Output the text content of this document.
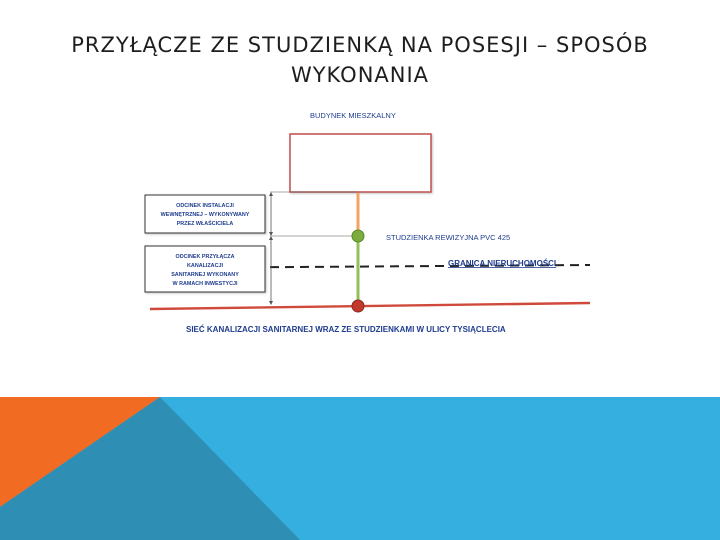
PRZYŁĄCZE ZE STUDZIENKĄ NA POSESJI – SPOSÓB
WYKONANIA
BUDYNEK MIESZKALNY
GRANICA NIERUCHOMOŚCI
STUDZIENKA REWIZYJNA PVC 425
ODCINEK INSTALACJI
WEWNĘTRZNEJ – WYKONYWANY
PRZEZ WŁAŚCICIELA
ODCINEK PRZYŁĄCZA
KANALIZACJI
SANITARNEJ WYKONANY
W RAMACH INWESTYCJI
SIEĆ KANALIZACJI SANITARNEJ WRAZ ZE STUDZIENKAMI W ULICY TYSIĄCLECIA
